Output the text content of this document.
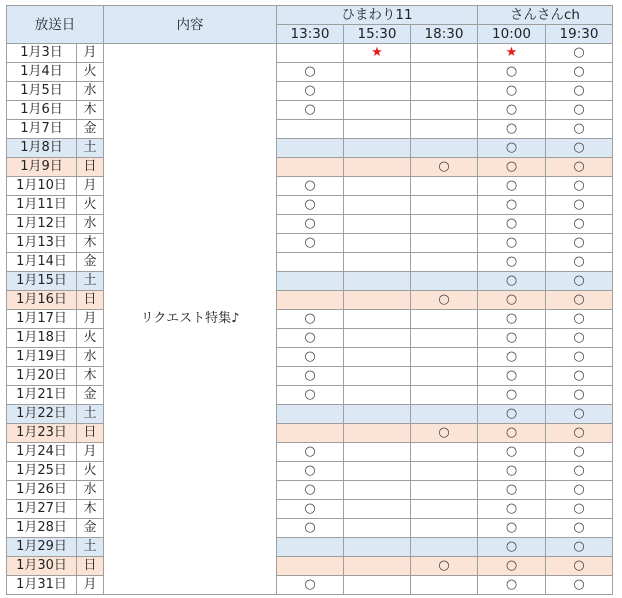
放送日		内容	ひまわり11			さんさんch	
			13:30	15:30	18:30	10:00	19:30
1月3日	月	リクエスト特集♪		★		★	○
1月4日	火		○			○	○
1月5日	水		○			○	○
1月6日	木		○			○	○
1月7日	金					○	○
1月8日	土					○	○
1月9日	日				○	○	○
1月10日	月		○			○	○
1月11日	火		○			○	○
1月12日	水		○			○	○
1月13日	木		○			○	○
1月14日	金					○	○
1月15日	土					○	○
1月16日	日				○	○	○
1月17日	月		○			○	○
1月18日	火		○			○	○
1月19日	水		○			○	○
1月20日	木		○			○	○
1月21日	金		○			○	○
1月22日	土					○	○
1月23日	日				○	○	○
1月24日	月		○			○	○
1月25日	火		○			○	○
1月26日	水		○			○	○
1月27日	木		○			○	○
1月28日	金		○			○	○
1月29日	土					○	○
1月30日	日				○	○	○
1月31日	月		○			○	○
